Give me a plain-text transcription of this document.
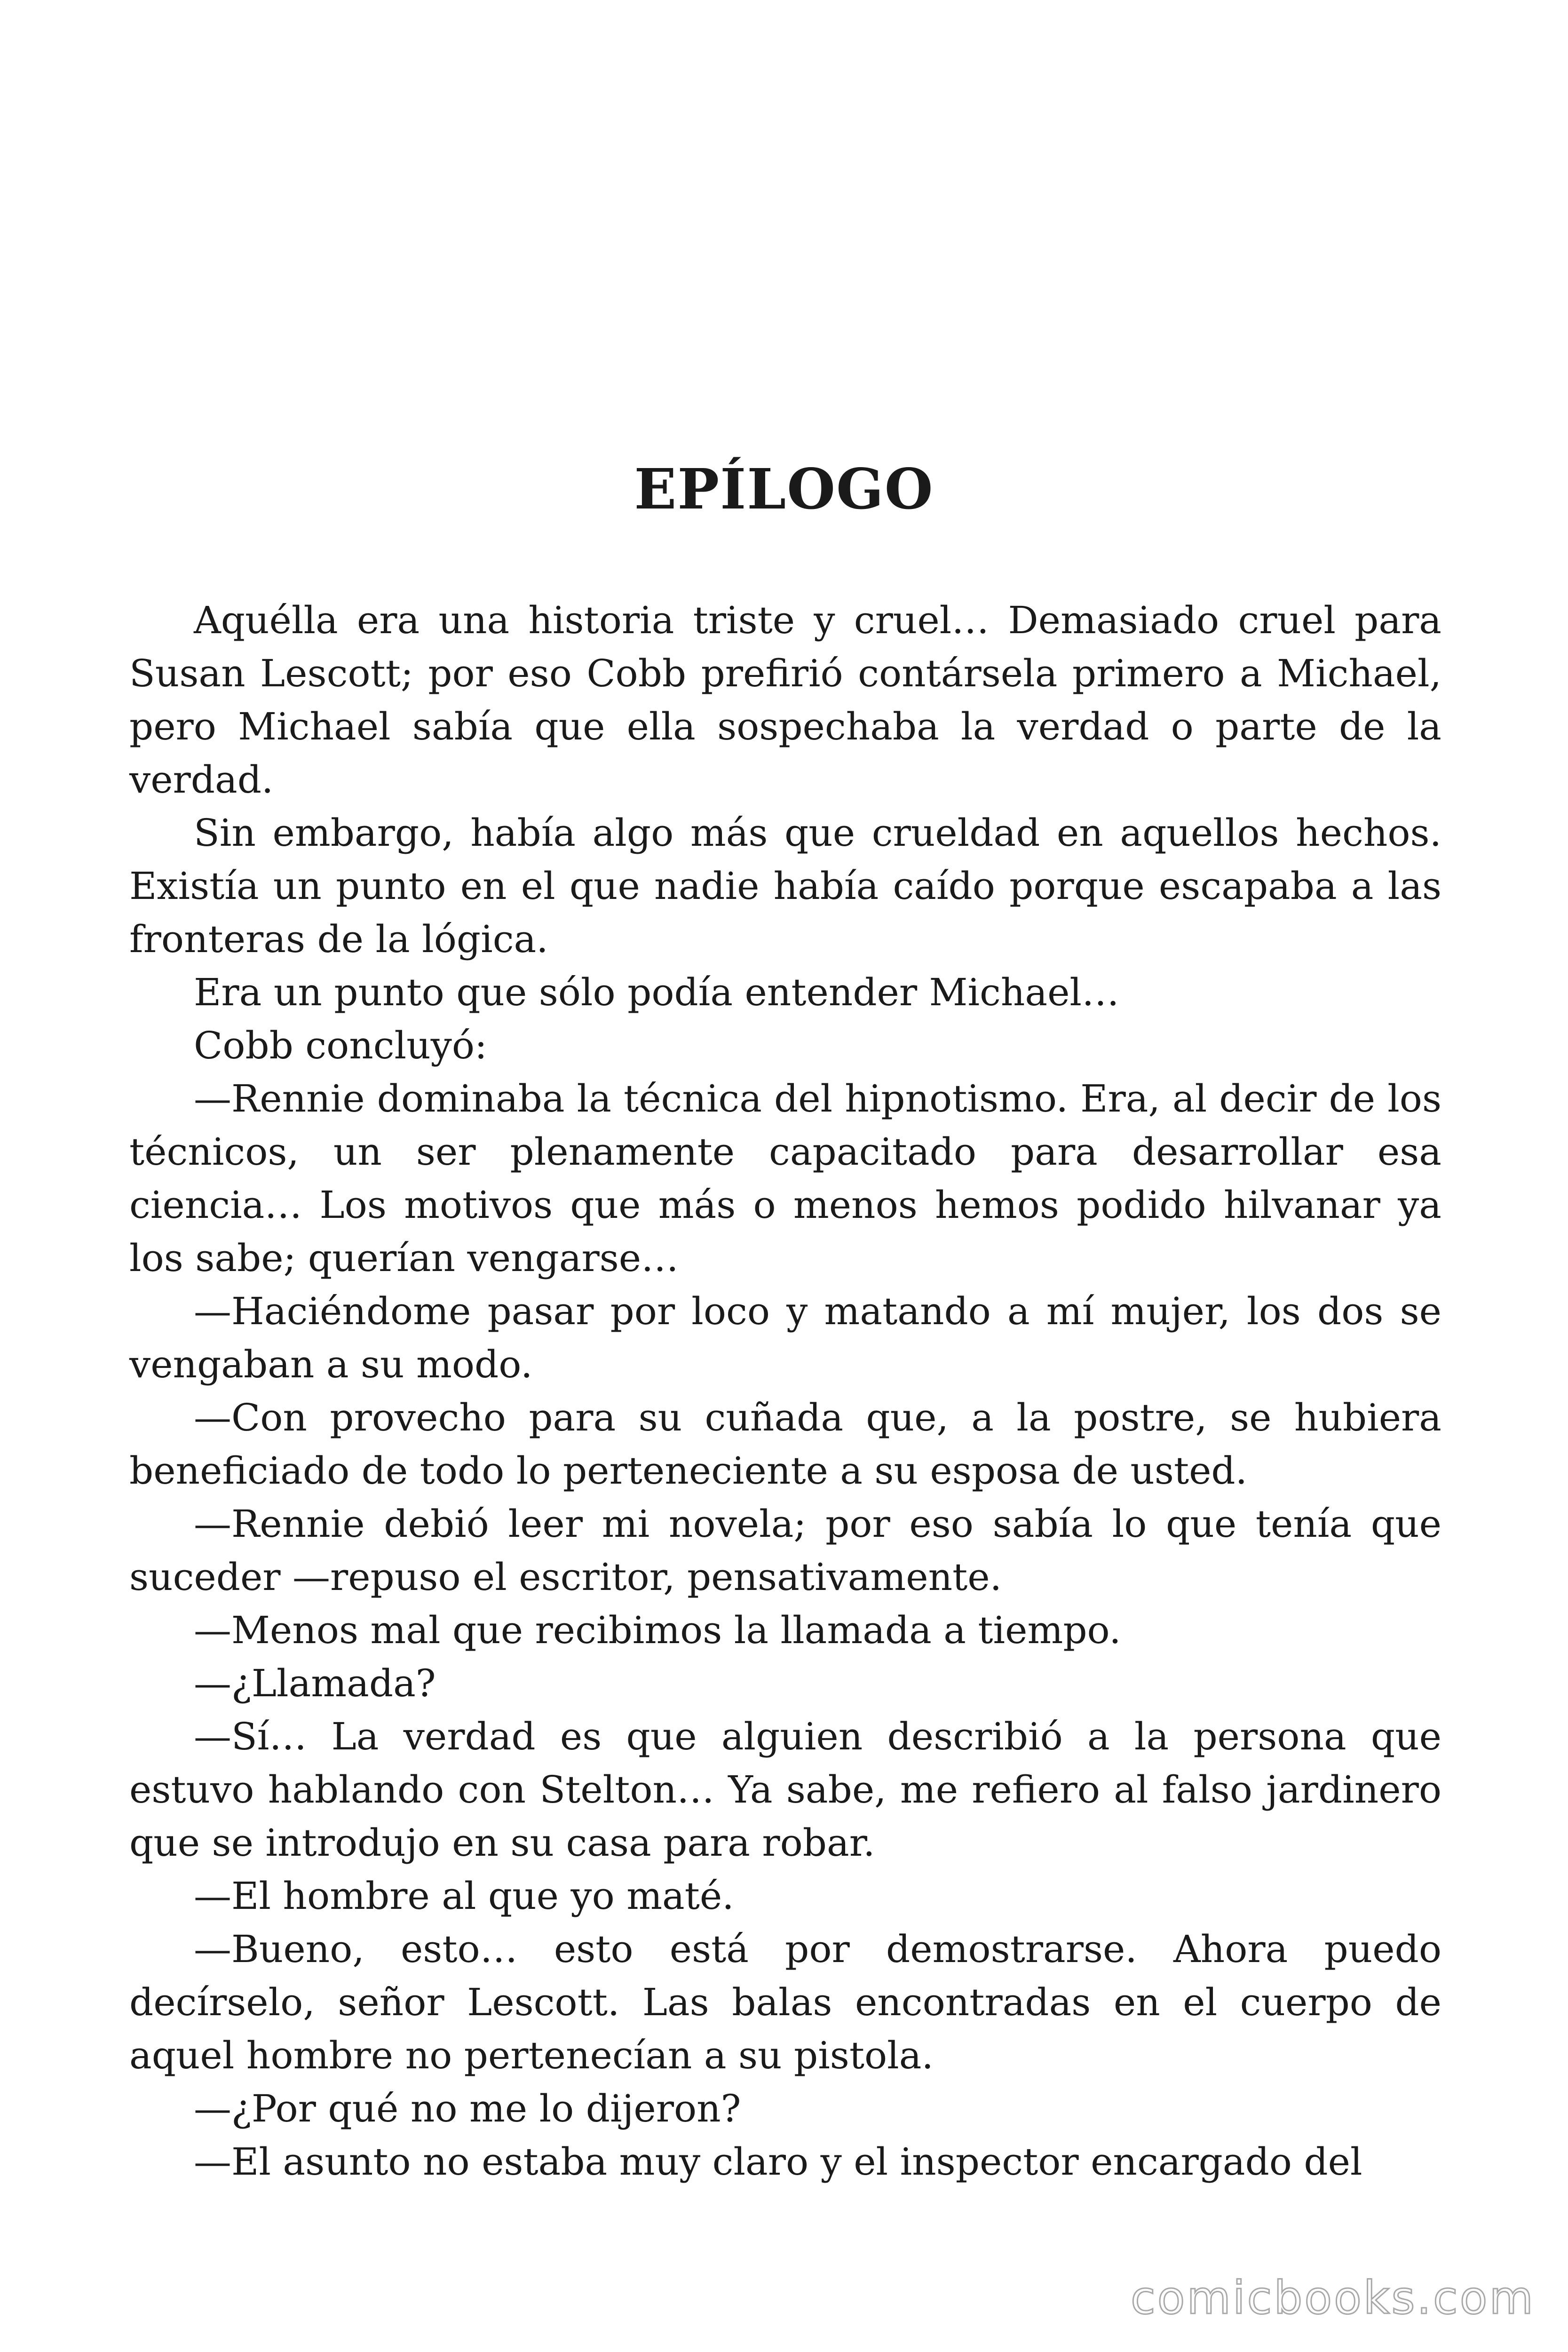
EPÍLOGO

Aquélla era una historia triste y cruel… Demasiado cruel para Susan Lescott; por eso Cobb prefirió contársela primero a Michael, pero Michael sabía que ella sospechaba la verdad o parte de la verdad.

Sin embargo, había algo más que crueldad en aquellos hechos. Existía un punto en el que nadie había caído porque escapaba a las fronteras de la lógica.

Era un punto que sólo podía entender Michael…

Cobb concluyó:

—Rennie dominaba la técnica del hipnotismo. Era, al decir de los técnicos, un ser plenamente capacitado para desarrollar esa ciencia… Los motivos que más o menos hemos podido hilvanar ya los sabe; querían vengarse…

—Haciéndome pasar por loco y matando a mí mujer, los dos se vengaban a su modo.

—Con provecho para su cuñada que, a la postre, se hubiera beneficiado de todo lo perteneciente a su esposa de usted.

—Rennie debió leer mi novela; por eso sabía lo que tenía que suceder —repuso el escritor, pensativamente.

—Menos mal que recibimos la llamada a tiempo.

—¿Llamada?

—Sí… La verdad es que alguien describió a la persona que estuvo hablando con Stelton… Ya sabe, me refiero al falso jardinero que se introdujo en su casa para robar.

—El hombre al que yo maté.

—Bueno, esto… esto está por demostrarse. Ahora puedo decírselo, señor Lescott. Las balas encontradas en el cuerpo de aquel hombre no pertenecían a su pistola.

—¿Por qué no me lo dijeron?

—El asunto no estaba muy claro y el inspector encargado del

comicbooks.com
